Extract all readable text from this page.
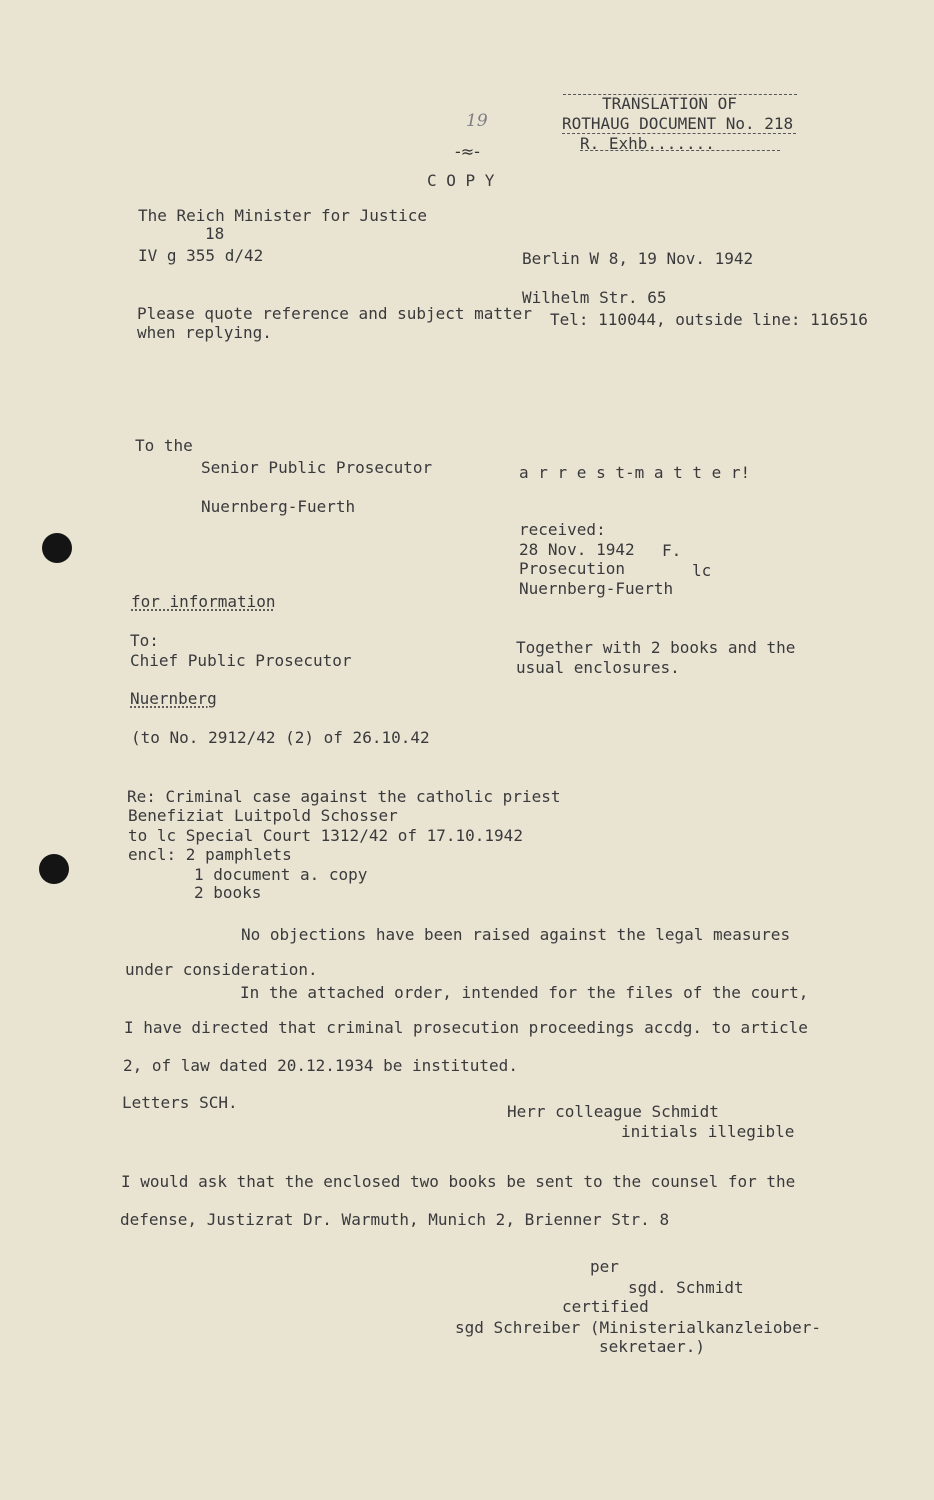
TRANSLATION OF
ROTHAUG DOCUMENT No. 218
R. Exhb.......
19
-≈-
C O P Y
The Reich Minister for Justice
18
IV g 355 d/42	Berlin W 8, 19 Nov. 1942
Wilhelm Str. 65
Please quote reference and subject matter Tel: 110044, outside line: 116516
when replying.
To the
Senior Public Prosecutor	a r r e s t-m a t t e r!
Nuernberg-Fuerth
received:
28 Nov. 1942 F.
Prosecution	lc
Nuernberg-Fuerth
for information
To:
Chief Public Prosecutor
Together with 2 books and the
usual enclosures.
Nuernberg
(to No. 2912/42 (2) of 26.10.42
Re: Criminal case against the catholic priest
Benefiziat Luitpold Schosser
to lc Special Court 1312/42 of 17.10.1942
encl: 2 pamphlets
1 document a. copy
2 books
No objections have been raised against the legal measures
under consideration.
In the attached order, intended for the files of the court,
I have directed that criminal prosecution proceedings accdg. to article
2, of law dated 20.12.1934 be instituted.
Letters SCH.	Herr colleague Schmidt
initials illegible
I would ask that the enclosed two books be sent to the counsel for the
defense, Justizrat Dr. Warmuth, Munich 2, Brienner Str. 8
per
sgd. Schmidt
certified
sgd Schreiber (Ministerialkanzleiober-
sekretaer.)
